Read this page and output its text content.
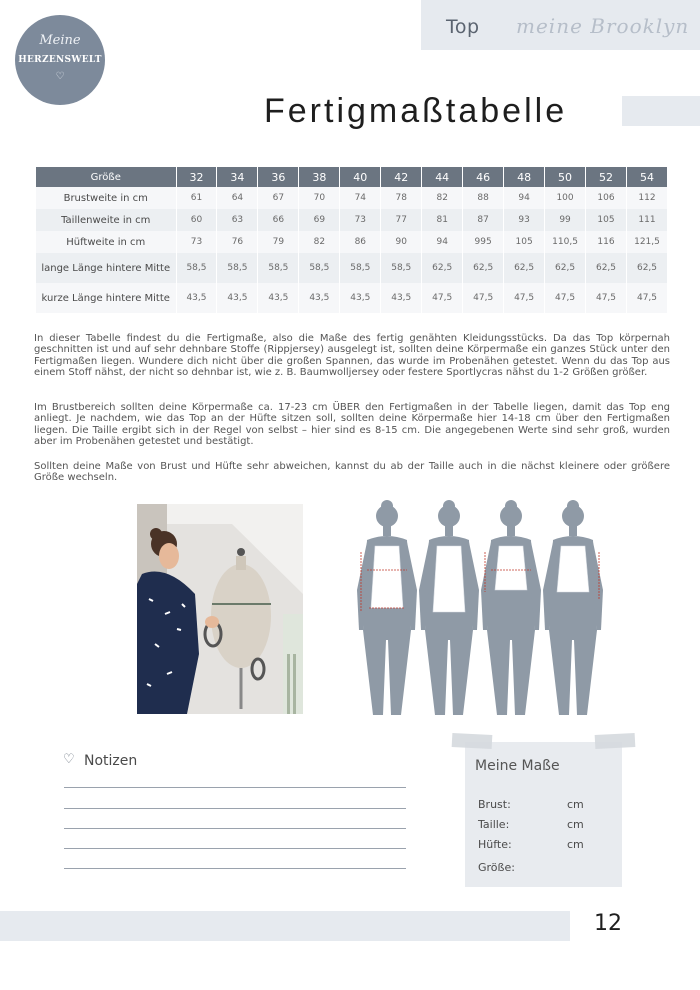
Top meine Brooklyn
Meine
HERZENSWELT
♡
Fertigmaßtabelle
Größe	32	34	36	38	40	42	44	46	48	50	52	54
Brustweite in cm	61	64	67	70	74	78	82	88	94	100	106	112
Taillenweite in cm	60	63	66	69	73	77	81	87	93	99	105	111
Hüftweite in cm	73	76	79	82	86	90	94	995	105	110,5	116	121,5
lange Länge hintere Mitte	58,5	58,5	58,5	58,5	58,5	58,5	62,5	62,5	62,5	62,5	62,5	62,5
kurze Länge hintere Mitte	43,5	43,5	43,5	43,5	43,5	43,5	47,5	47,5	47,5	47,5	47,5	47,5

In dieser Tabelle findest du die Fertigmaße, also die Maße des fertig genähten Kleidungsstücks. Da das Top körpernah geschnitten ist und auf sehr dehnbare Stoffe (Rippjersey) ausgelegt ist, sollten deine Körpermaße ein ganzes Stück unter den Fertigmaßen liegen. Wundere dich nicht über die großen Spannen, das wurde im Probenähen getestet. Wenn du das Top aus einem Stoff nähst, der nicht so dehnbar ist, wie z. B. Baumwolljersey oder festere Sportlycras nähst du 1-2 Größen größer.

Im Brustbereich sollten deine Körpermaße ca. 17-23 cm ÜBER den Fertigmaßen in der Tabelle liegen, damit das Top eng anliegt. Je nachdem, wie das Top an der Hüfte sitzen soll, sollten deine Körpermaße hier 14-18 cm über den Fertigmaßen liegen. Die Taille ergibt sich in der Regel von selbst – hier sind es 8-15 cm. Die angegebenen Werte sind sehr groß, wurden aber im Probenähen getestet und bestätigt.

Sollten deine Maße von Brust und Hüfte sehr abweichen, kannst du ab der Taille auch in die nächst kleinere oder größere Größe wechseln.

♡ Notizen	Meine Maße
Brust:	cm
Taille:	cm
Hüfte:	cm
Größe:
12
